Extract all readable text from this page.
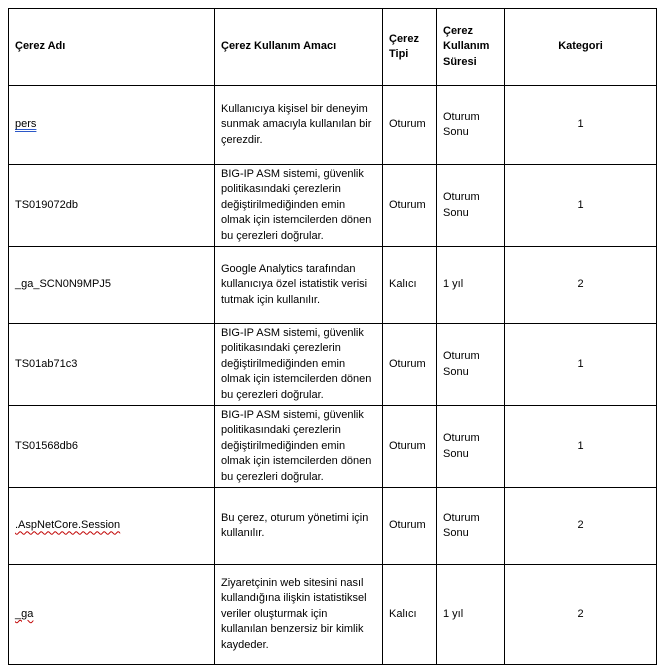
Çerez Adı	Çerez Kullanım Amacı	Çerez Tipi	Çerez Kullanım Süresi	Kategori
pers	Kullanıcıya kişisel bir deneyim sunmak amacıyla kullanılan bir çerezdir.	Oturum	Oturum Sonu	1
TS019072db	BIG-IP ASM sistemi, güvenlik politikasındaki çerezlerin değiştirilmediğinden emin olmak için istemcilerden dönen bu çerezleri doğrular.	Oturum	Oturum Sonu	1
_ga_SCN0N9MPJ5	Google Analytics tarafından kullanıcıya özel istatistik verisi tutmak için kullanılır.	Kalıcı	1 yıl	2
TS01ab71c3	BIG-IP ASM sistemi, güvenlik politikasındaki çerezlerin değiştirilmediğinden emin olmak için istemcilerden dönen bu çerezleri doğrular.	Oturum	Oturum Sonu	1
TS01568db6	BIG-IP ASM sistemi, güvenlik politikasındaki çerezlerin değiştirilmediğinden emin olmak için istemcilerden dönen bu çerezleri doğrular.	Oturum	Oturum Sonu	1
.AspNetCore.Session	Bu çerez, oturum yönetimi için kullanılır.	Oturum	Oturum Sonu	2
_ga	Ziyaretçinin web sitesini nasıl kullandığına ilişkin istatistiksel veriler oluşturmak için kullanılan benzersiz bir kimlik kaydeder.	Kalıcı	1 yıl	2
